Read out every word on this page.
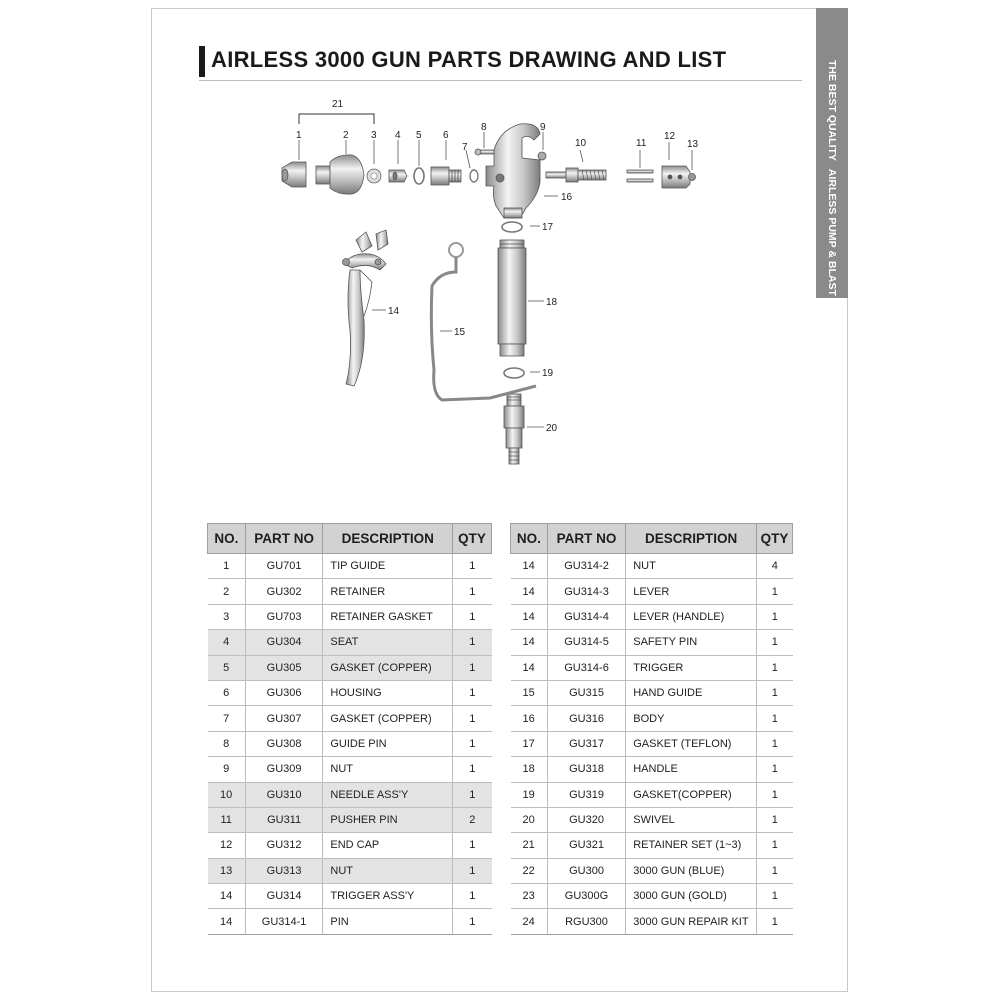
AIRLESS 3000 GUN PARTS DRAWING AND LIST
THE BEST QUALITY
AIRLESS PUMP & BLAST SYSTEM
21
1	2 3 4 5 6
7
8	9
10	11
12
13
16
17
14
15
18
19
20
NO.	PART NO	DESCRIPTION	QTY
1	GU701	TIP GUIDE	1
2	GU302	RETAINER	1
3	GU703	RETAINER GASKET	1
4	GU304	SEAT	1
5	GU305	GASKET (COPPER)	1
6	GU306	HOUSING	1
7	GU307	GASKET (COPPER)	1
8	GU308	GUIDE PIN	1
9	GU309	NUT	1
10	GU310	NEEDLE ASS'Y	1
11	GU311	PUSHER PIN	2
12	GU312	END CAP	1
13	GU313	NUT	1
14	GU314	TRIGGER ASS'Y	1
14	GU314-1	PIN	1
NO.	PART NO	DESCRIPTION	QTY
14	GU314-2	NUT	4
14	GU314-3	LEVER	1
14	GU314-4	LEVER (HANDLE)	1
14	GU314-5	SAFETY PIN	1
14	GU314-6	TRIGGER	1
15	GU315	HAND GUIDE	1
16	GU316	BODY	1
17	GU317	GASKET (TEFLON)	1
18	GU318	HANDLE	1
19	GU319	GASKET(COPPER)	1
20	GU320	SWIVEL	1
21	GU321	RETAINER SET (1~3)	1
22	GU300	3000 GUN (BLUE)	1
23	GU300G	3000 GUN (GOLD)	1
24	RGU300	3000 GUN REPAIR KIT	1
